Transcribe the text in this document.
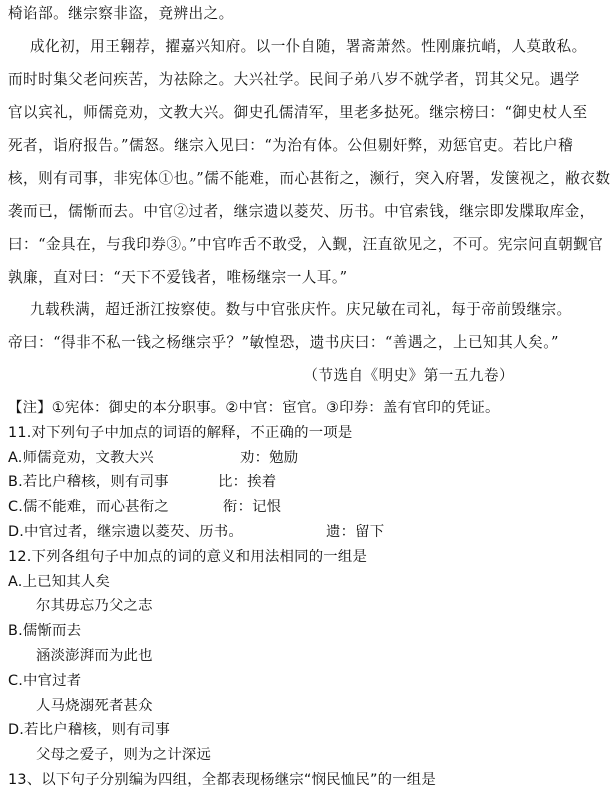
椅谄部。继宗察非盗，竟辨出之。
成化初，用王翱荐，擢嘉兴知府。以一仆自随，署斋萧然。性刚廉抗峭，人莫敢私。
而时时集父老问疾苦，为祛除之。大兴社学。民间子弟八岁不就学者，罚其父兄。遇学
官以宾礼，师儒竞劝，文教大兴。御史孔儒清军，里老多挞死。继宗榜曰：“御史杖人至
死者，诣府报告。”儒怒。继宗入见曰：“为治有体。公但剔奸弊，劝惩官吏。若比户稽
核，则有司事，非宪体①也。”儒不能难，而心甚衔之，濒行，突入府署，发箧视之，敝衣数
袭而已，儒惭而去。中官②过者，继宗遗以菱芡、历书。中官索钱，继宗即发牒取库金，
曰：“金具在，与我印券③。”中官咋舌不敢受，入觐，汪直欲见之，不可。宪宗问直朝觐官
孰廉，直对曰：“天下不爱钱者，唯杨继宗一人耳。”
九载秩满，超迁浙江按察使。数与中官张庆忤。庆兄敏在司礼，每于帝前毁继宗。
帝曰：“得非不私一钱之杨继宗乎？”敏惶恐，遗书庆曰：“善遇之，上已知其人矣。”
（节选自《明史》第一五九卷）
【注】①宪体：御史的本分职事。②中官：宦官。③印券：盖有官印的凭证。
11.对下列句子中加点的词语的解释，不正确的一项是
A.师儒竞劝，文教大兴	劝：勉励
B.若比户稽核，则有司事	比：挨着
C.儒不能难，而心甚衔之	衔：记恨
D.中官过者，继宗遗以菱芡、历书。	遗：留下
12.下列各组句子中加点的词的意义和用法相同的一组是
A.上已知其人矣
尔其毋忘乃父之志
B.儒惭而去
涵淡澎湃而为此也
C.中官过者
人马烧溺死者甚众
D.若比户稽核，则有司事
父母之爱子，则为之计深远
13、以下句子分别编为四组，全都表现杨继宗“悯民恤民”的一组是
